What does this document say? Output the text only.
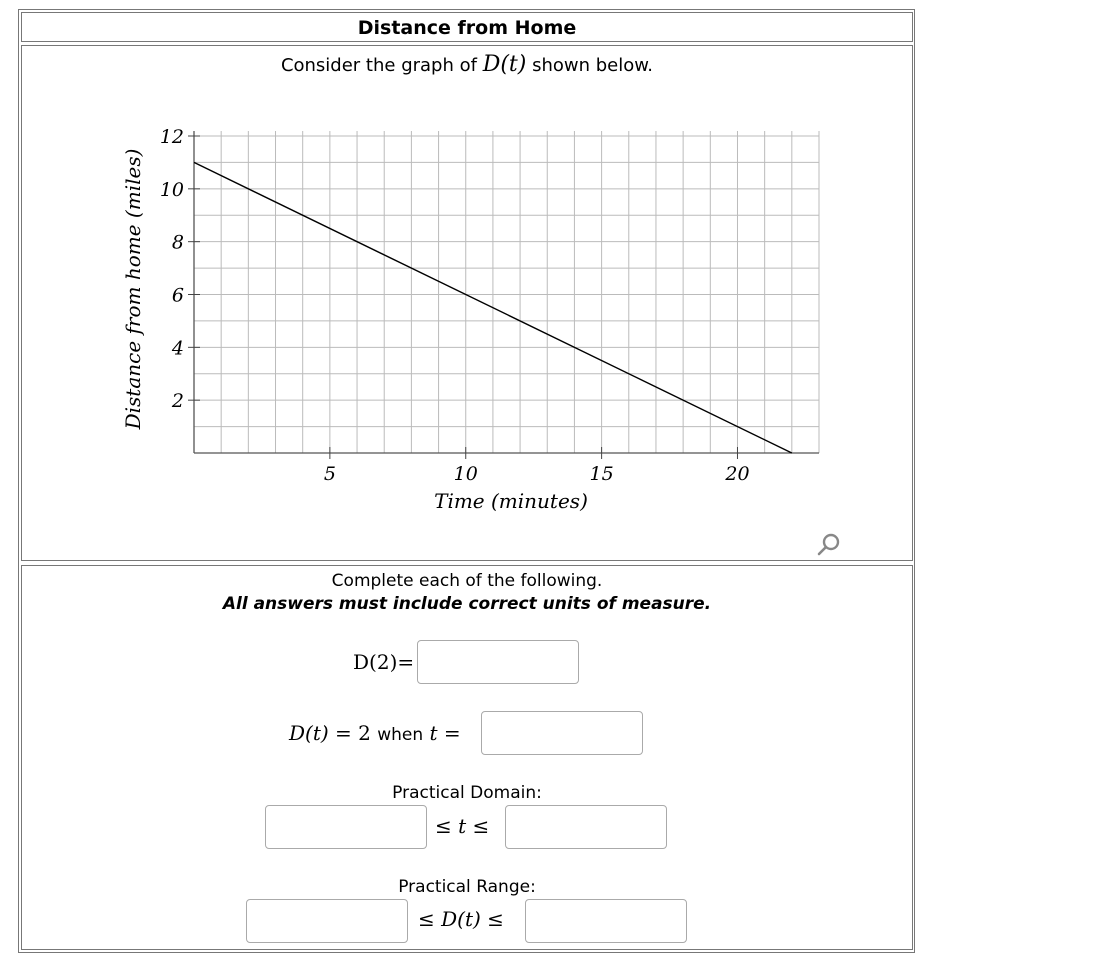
Distance from Home
Consider the graph of D(t) shown below.
2
4
6
8
10
12
5	10	15	20
Time (minutes)
Distance from home (miles)
Complete each of the following.
All answers must include correct units of measure.
D(2)=
D(t) = 2 when t =
Practical Domain:
≤ t ≤
Practical Range:
≤ D(t) ≤
